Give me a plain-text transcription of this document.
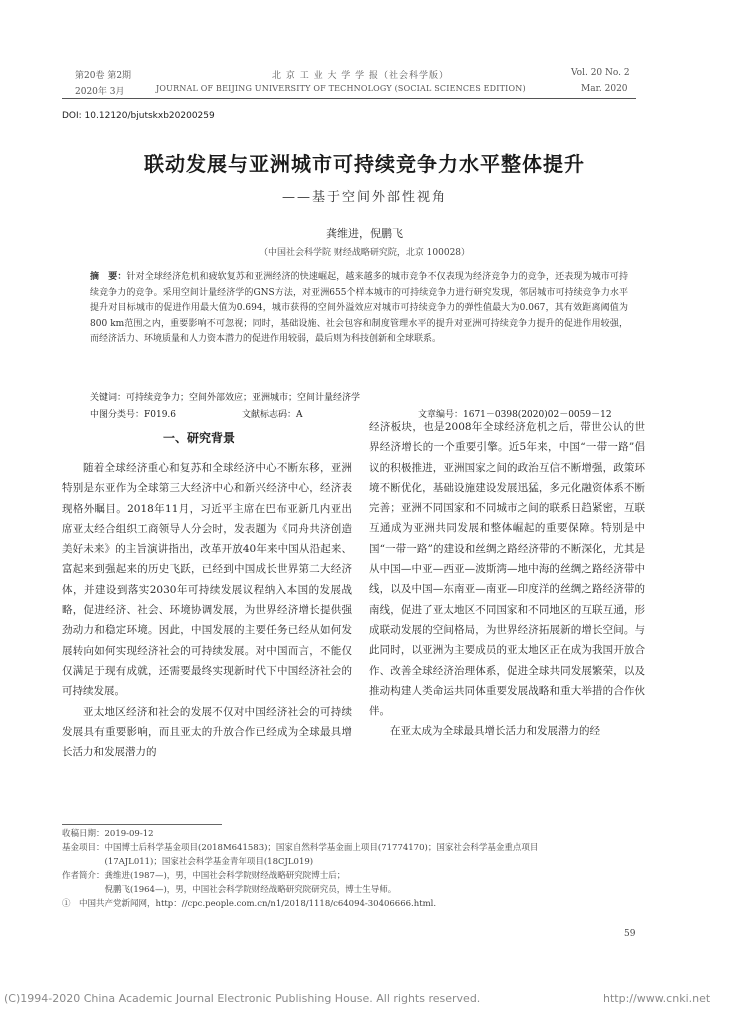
第20卷 第2期	北 京 工 业 大 学 学 报（社会科学版）	Vol. 20 No. 2
2020年 3月	JOURNAL OF BEIJING UNIVERSITY OF TECHNOLOGY (SOCIAL SCIENCES EDITION)	Mar. 2020
DOI: 10.12120/bjutskxb20200259
联动发展与亚洲城市可持续竞争力水平整体提升
——基于空间外部性视角
龚维进，倪鹏飞
（中国社会科学院 财经战略研究院，北京 100028）
摘　要：针对全球经济危机和疲软复苏和亚洲经济的快速崛起，越来越多的城市竞争不仅表现为经济竞争力的竞争，还表现为城市可持续竞争力的竞争。采用空间计量经济学的GNS方法，对亚洲655个样本城市的可持续竞争力进行研究发现，邻居城市可持续竞争力水平提升对目标城市的促进作用最大值为0.694，城市获得的空间外溢效应对城市可持续竞争力的弹性值最大为0.067，其有效距离阈值为800 km范围之内，重要影响不可忽视；同时，基础设施、社会包容和制度管理水平的提升对亚洲可持续竞争力提升的促进作用较强，而经济活力、环境质量和人力资本潜力的促进作用较弱，最后则为科技创新和全球联系。
关键词：可持续竞争力；空间外部效应；亚洲城市；空间计量经济学
中图分类号：F019.6	文献标志码：A	文章编号：1671－0398(2020)02－0059－12
一、研究背景

随着全球经济重心和复苏和全球经济中心不断东移，亚洲特别是东亚作为全球第三大经济中心和新兴经济中心，经济表现格外瞩目。2018年11月，习近平主席在巴布亚新几内亚出席亚太经合组织工商领导人分会时，发表题为《同舟共济创造美好未来》的主旨演讲指出，改革开放40年来中国从沿起来、富起来到强起来的历史飞跃，已经到中国成长世界第二大经济体，并建设到落实2030年可持续发展议程纳入本国的发展战略，促进经济、社会、环境协调发展，为世界经济增长提供强劲动力和稳定环境。因此，中国发展的主要任务已经从如何发展转向如何实现经济社会的可持续发展。对中国而言，不能仅仅满足于现有成就，还需要最终实现新时代下中国经济社会的可持续发展。

亚太地区经济和社会的发展不仅对中国经济社会的可持续发展具有重要影响，而且亚太的升放合作已经成为全球最具增长活力和发展潜力的

经济板块，也是2008年全球经济危机之后，带世公认的世界经济增长的一个重要引擎。近5年来，中国“一带一路”倡议的积极推进，亚洲国家之间的政治互信不断增强，政策环境不断优化，基础设施建设发展迅猛，多元化融资体系不断完善；亚洲不同国家和不同城市之间的联系日趋紧密，互联互通成为亚洲共同发展和整体崛起的重要保障。特别是中国“一带一路”的建设和丝绸之路经济带的不断深化，尤其是从中国—中亚—西亚—波斯湾—地中海的丝绸之路经济带中线，以及中国—东南亚—南亚—印度洋的丝绸之路经济带的南线，促进了亚太地区不同国家和不同地区的互联互通，形成联动发展的空间格局，为世界经济拓展新的增长空间。与此同时，以亚洲为主要成员的亚太地区正在成为我国开放合作、改善全球经济治理体系，促进全球共同发展繁荣，以及推动构建人类命运共同体重要发展战略和重大举措的合作伙伴。

在亚太成为全球最具增长活力和发展潜力的经

收稿日期：2019-09-12
基金项目：中国博士后科学基金项目(2018M641583)；国家自然科学基金面上项目(71774170)；国家社会科学基金重点项目
　　　　　(17AJL011)；国家社会科学基金青年项目(18CJL019)
作者简介：龚维进(1987—)，男，中国社会科学院财经战略研究院博士后；
　　　　　倪鹏飞(1964—)，男，中国社会科学院财经战略研究院研究员，博士生导师。
①　中国共产党新闻网，http：//cpc.people.com.cn/n1/2018/1118/c64094-30406666.html.
59
(C)1994-2020 China Academic Journal Electronic Publishing House. All rights reserved.	http://www.cnki.net
